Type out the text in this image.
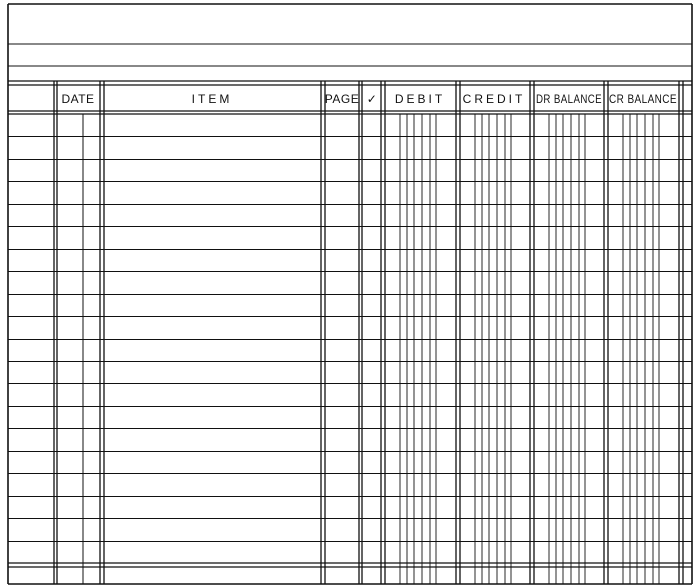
DATE	ITEM	PAGE ✓ DEBIT CREDIT DR BALANCE CR BALANCE
